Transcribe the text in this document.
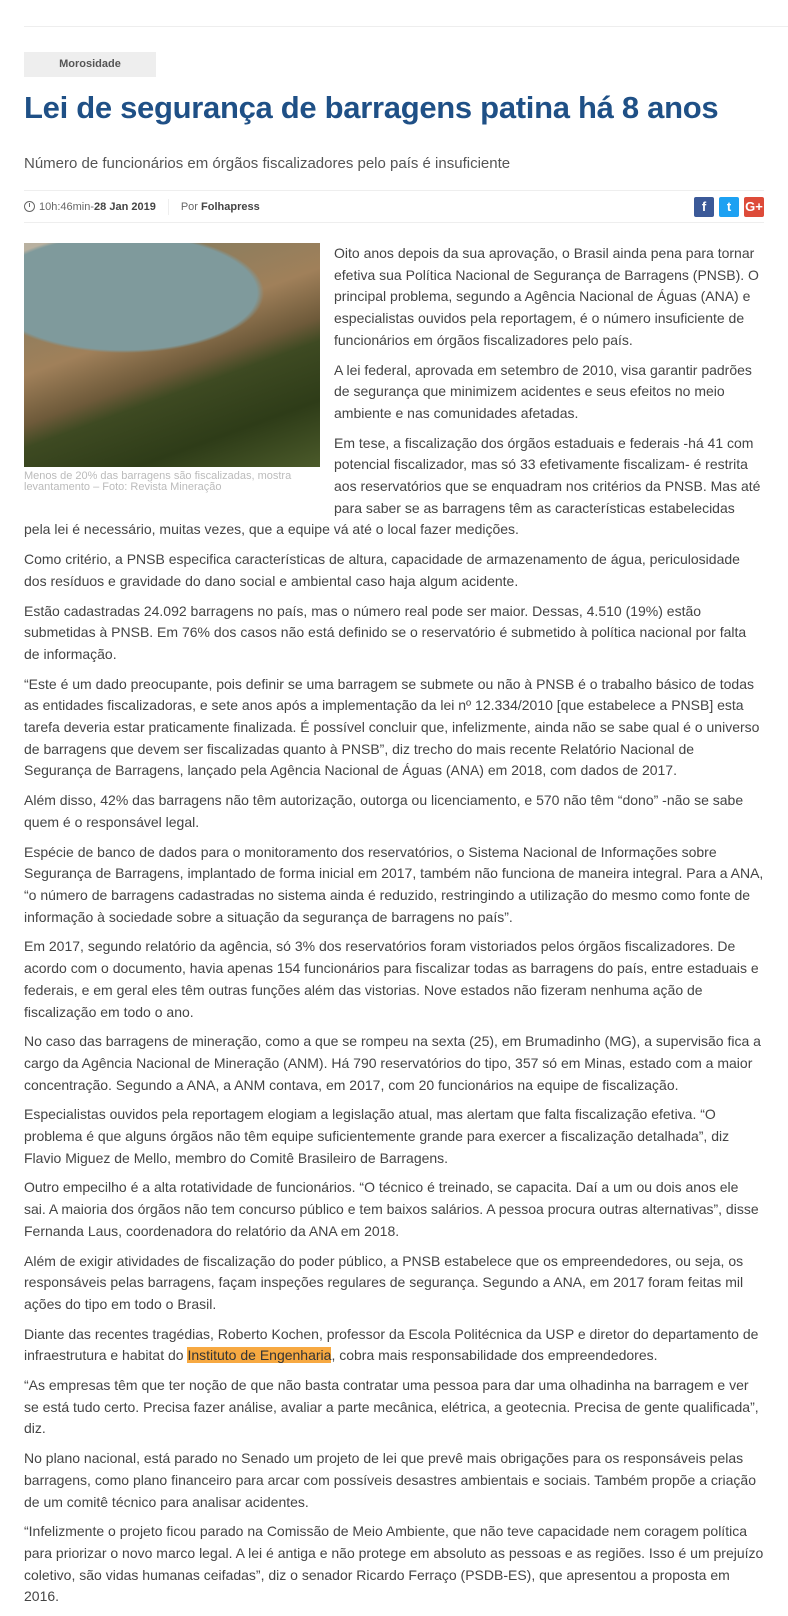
Morosidade
Lei de segurança de barragens patina há 8 anos
Número de funcionários em órgãos fiscalizadores pelo país é insuficiente
10h:46min - 28 Jan 2019 Por
Folhapress	f	t	G+
Menos de 20% das barragens são fiscalizadas, mostra levantamento – Foto: Revista Mineração

Oito anos depois da sua aprovação, o Brasil ainda pena para tornar efetiva sua Política Nacional de Segurança de Barragens (PNSB). O principal problema, segundo a Agência Nacional de Águas (ANA) e especialistas ouvidos pela reportagem, é o número insuficiente de funcionários em órgãos fiscalizadores pelo país.

A lei federal, aprovada em setembro de 2010, visa garantir padrões de segurança que minimizem acidentes e seus efeitos no meio ambiente e nas comunidades afetadas.

Em tese, a fiscalização dos órgãos estaduais e federais -há 41 com potencial fiscalizador, mas só 33 efetivamente fiscalizam- é restrita aos reservatórios que se enquadram nos critérios da PNSB. Mas até para saber se as barragens têm as características estabelecidas pela lei é necessário, muitas vezes, que a equipe vá até o local fazer medições.

Como critério, a PNSB especifica características de altura, capacidade de armazenamento de água, periculosidade dos resíduos e gravidade do dano social e ambiental caso haja algum acidente.

Estão cadastradas 24.092 barragens no país, mas o número real pode ser maior. Dessas, 4.510 (19%) estão submetidas à PNSB. Em 76% dos casos não está definido se o reservatório é submetido à política nacional por falta de informação.

“Este é um dado preocupante, pois definir se uma barragem se submete ou não à PNSB é o trabalho básico de todas as entidades fiscalizadoras, e sete anos após a implementação da lei nº 12.334/2010 [que estabelece a PNSB] esta tarefa deveria estar praticamente finalizada. É possível concluir que, infelizmente, ainda não se sabe qual é o universo de barragens que devem ser fiscalizadas quanto à PNSB”, diz trecho do mais recente Relatório Nacional de Segurança de Barragens, lançado pela Agência Nacional de Águas (ANA) em 2018, com dados de 2017.

Além disso, 42% das barragens não têm autorização, outorga ou licenciamento, e 570 não têm “dono” -não se sabe quem é o responsável legal.

Espécie de banco de dados para o monitoramento dos reservatórios, o Sistema Nacional de Informações sobre Segurança de Barragens, implantado de forma inicial em 2017, também não funciona de maneira integral. Para a ANA, “o número de barragens cadastradas no sistema ainda é reduzido, restringindo a utilização do mesmo como fonte de informação à sociedade sobre a situação da segurança de barragens no país”.

Em 2017, segundo relatório da agência, só 3% dos reservatórios foram vistoriados pelos órgãos fiscalizadores. De acordo com o documento, havia apenas 154 funcionários para fiscalizar todas as barragens do país, entre estaduais e federais, e em geral eles têm outras funções além das vistorias. Nove estados não fizeram nenhuma ação de fiscalização em todo o ano.

No caso das barragens de mineração, como a que se rompeu na sexta (25), em Brumadinho (MG), a supervisão fica a cargo da Agência Nacional de Mineração (ANM). Há 790 reservatórios do tipo, 357 só em Minas, estado com a maior concentração. Segundo a ANA, a ANM contava, em 2017, com 20 funcionários na equipe de fiscalização.

Especialistas ouvidos pela reportagem elogiam a legislação atual, mas alertam que falta fiscalização efetiva. “O problema é que alguns órgãos não têm equipe suficientemente grande para exercer a fiscalização detalhada”, diz Flavio Miguez de Mello, membro do Comitê Brasileiro de Barragens.

Outro empecilho é a alta rotatividade de funcionários. “O técnico é treinado, se capacita. Daí a um ou dois anos ele sai. A maioria dos órgãos não tem concurso público e tem baixos salários. A pessoa procura outras alternativas”, disse Fernanda Laus, coordenadora do relatório da ANA em 2018.

Além de exigir atividades de fiscalização do poder público, a PNSB estabelece que os empreendedores, ou seja, os responsáveis pelas barragens, façam inspeções regulares de segurança. Segundo a ANA, em 2017 foram feitas mil ações do tipo em todo o Brasil.

Diante das recentes tragédias, Roberto Kochen, professor da Escola Politécnica da USP e diretor do departamento de infraestrutura e habitat do Instituto de Engenharia, cobra mais responsabilidade dos empreendedores.

“As empresas têm que ter noção de que não basta contratar uma pessoa para dar uma olhadinha na barragem e ver se está tudo certo. Precisa fazer análise, avaliar a parte mecânica, elétrica, a geotecnia. Precisa de gente qualificada”, diz.

No plano nacional, está parado no Senado um projeto de lei que prevê mais obrigações para os responsáveis pelas barragens, como plano financeiro para arcar com possíveis desastres ambientais e sociais. Também propõe a criação de um comitê técnico para analisar acidentes.

“Infelizmente o projeto ficou parado na Comissão de Meio Ambiente, que não teve capacidade nem coragem política para priorizar o novo marco legal. A lei é antiga e não protege em absoluto as pessoas e as regiões. Isso é um prejuízo coletivo, são vidas humanas ceifadas”, diz o senador Ricardo Ferraço (PSDB-ES), que apresentou a proposta em 2016.
